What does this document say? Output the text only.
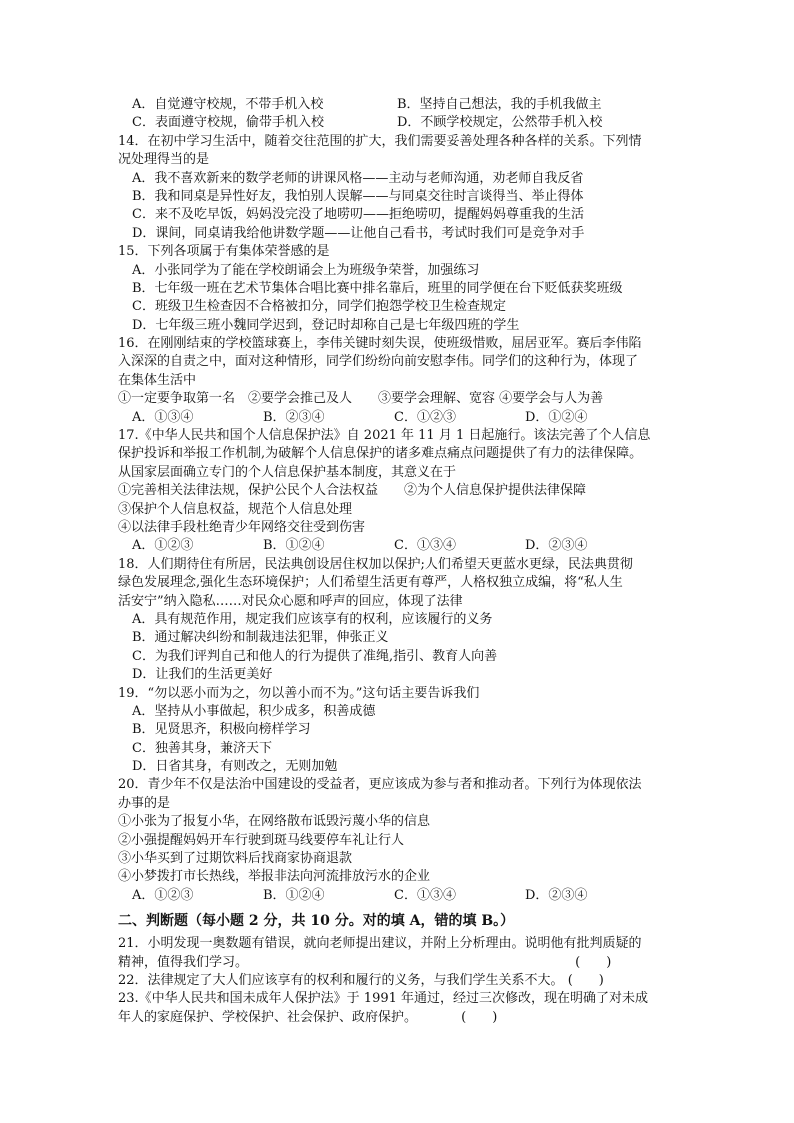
A．自觉遵守校规，不带手机入校	B．坚持自己想法，我的手机我做主
C．表面遵守校规，偷带手机入校	D．不顾学校规定，公然带手机入校
14．在初中学习生活中，随着交往范围的扩大，我们需要妥善处理各种各样的关系。下列情
况处理得当的是
A．我不喜欢新来的数学老师的讲课风格——主动与老师沟通，劝老师自我反省
B．我和同桌是异性好友，我怕别人误解——与同桌交往时言谈得当、举止得体
C．来不及吃早饭，妈妈没完没了地唠叨——拒绝唠叨，提醒妈妈尊重我的生活
D．课间，同桌请我给他讲数学题——让他自己看书，考试时我们可是竞争对手
15．下列各项属于有集体荣誉感的是
A．小张同学为了能在学校朗诵会上为班级争荣誉，加强练习
B．七年级一班在艺术节集体合唱比赛中排名靠后，班里的同学便在台下贬低获奖班级
C．班级卫生检查因不合格被扣分，同学们抱怨学校卫生检查规定
D．七年级三班小魏同学迟到，登记时却称自己是七年级四班的学生
16．在刚刚结束的学校篮球赛上，李伟关键时刻失误，使班级惜败，屈居亚军。赛后李伟陷
入深深的自责之中，面对这种情形，同学们纷纷向前安慰李伟。同学们的这种行为，体现了
在集体生活中
①一定要争取第一名　②要学会推己及人　　③要学会理解、宽容 ④要学会与人为善
A．①③④	B．②③④	C．①②③	D．①②④
17.《中华人民共和国个人信息保护法》自 2021 年 11 月 1 日起施行。该法完善了个人信息
保护投诉和举报工作机制,为破解个人信息保护的诸多难点痛点问题提供了有力的法律保障。
从国家层面确立专门的个人信息保护基本制度，其意义在于
①完善相关法律法规，保护公民个人合法权益　　②为个人信息保护提供法律保障
③保护个人信息权益，规范个人信息处理
④以法律手段杜绝青少年网络交往受到伤害
A．①②③	B．①②④	C．①③④	D．②③④
18．人们期待住有所居，民法典创设居住权加以保护;人们希望天更蓝水更绿，民法典贯彻
绿色发展理念,强化生态环境保护；人们希望生活更有尊严，人格权独立成编，将“私人生
活安宁”纳入隐私……对民众心愿和呼声的回应，体现了法律
A．具有规范作用，规定我们应该享有的权利，应该履行的义务
B．通过解决纠纷和制裁违法犯罪，伸张正义
C．为我们评判自己和他人的行为提供了准绳,指引、教育人向善
D．让我们的生活更美好
19．“勿以恶小而为之，勿以善小而不为。”这句话主要告诉我们
A．坚持从小事做起，积少成多，积善成德
B．见贤思齐，积极向榜样学习
C．独善其身，兼济天下
D．日省其身，有则改之，无则加勉
20．青少年不仅是法治中国建设的受益者，更应该成为参与者和推动者。下列行为体现依法
办事的是
①小张为了报复小华，在网络散布诋毁污蔑小华的信息
②小强提醒妈妈开车行驶到斑马线要停车礼让行人
③小华买到了过期饮料后找商家协商退款
④小梦拨打市长热线，举报非法向河流排放污水的企业
A．①②③	B．①②④	C．①③④	D．②③④
二、判断题（每小题 2 分，共 10 分。对的填 A，错的填 B。）
21．小明发现一奥数题有错误，就向老师提出建议，并附上分析理由。说明他有批判质疑的
精神，值得我们学习。	(　　)
22．法律规定了大人们应该享有的权利和履行的义务，与我们学生关系不大。 (　　)
23.《中华人民共和国未成年人保护法》于 1991 年通过，经过三次修改，现在明确了对未成
年人的家庭保护、学校保护、社会保护、政府保护。	(　　)
